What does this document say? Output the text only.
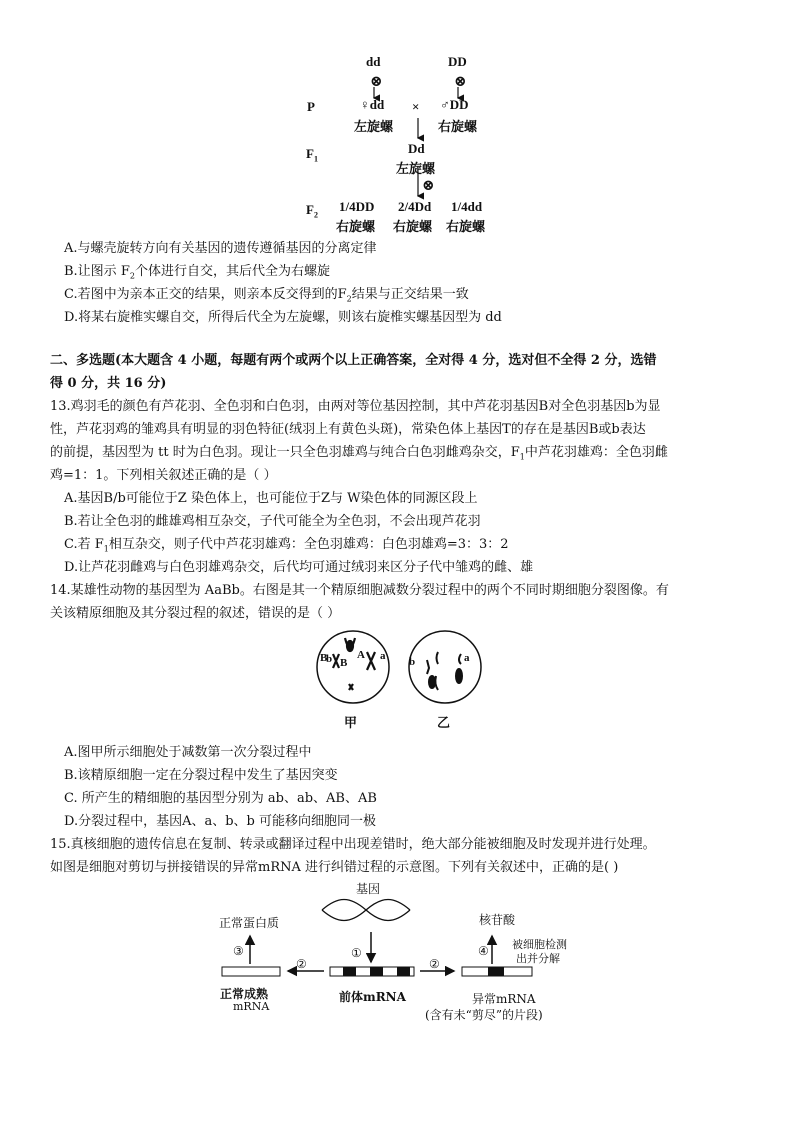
dd	DD
⊗	⊗
P	♀dd × ♂DD
左旋螺	右旋螺
$F_1$
Dd
左旋螺
⊗
$F_2$
1/4DD 2/4Dd 1/4dd
右旋螺 右旋螺 右旋螺
A.与螺壳旋转方向有关基因的遗传遵循基因的分离定律
B.让图示 $F_2$个体进行自交，其后代全为右螺旋
C.若图中为亲本正交的结果，则亲本反交得到的$F_2$结果与正交结果一致
D.将某右旋椎实螺自交，所得后代全为左旋螺，则该右旋椎实螺基因型为 dd
二、多选题(本大题含 4 小题，每题有两个或两个以上正确答案，全对得 4 分，选对但不全得 2 分，选错
得 0 分，共 16 分)
13.鸡羽毛的颜色有芦花羽、全色羽和白色羽，由两对等位基因控制，其中芦花羽基因B对全色羽基因b为显
性，芦花羽鸡的雏鸡具有明显的羽色特征(绒羽上有黄色头斑)，常染色体上基因T的存在是基因B或b表达
的前提，基因型为 tt 时为白色羽。现让一只全色羽雄鸡与纯合白色羽雌鸡杂交，$F_1$中芦花羽雄鸡：全色羽雌
鸡=1：1。下列相关叙述正确的是（ ）
A.基因B/b可能位于Z 染色体上，也可能位于Z与 W染色体的同源区段上
B.若让全色羽的雌雄鸡相互杂交，子代可能全为全色羽，不会出现芦花羽
C.若 $F_1$相互杂交，则子代中芦花羽雄鸡：全色羽雄鸡：白色羽雄鸡=3：3：2
D.让芦花羽雌鸡与白色羽雄鸡杂交，后代均可通过绒羽来区分子代中雏鸡的雌、雄
14.某雄性动物的基因型为 AaBb。右图是其一个精原细胞减数分裂过程中的两个不同时期细胞分裂图像。有
关该精原细胞及其分裂过程的叙述，错误的是（ ）
B
b B
A a b	a
甲	乙
A.图甲所示细胞处于减数第一次分裂过程中
B.该精原细胞一定在分裂过程中发生了基因突变
C. 所产生的精细胞的基因型分别为 ab、ab、AB、AB
D.分裂过程中，基因A、a、b、b 可能移向细胞同一极
15.真核细胞的遗传信息在复制、转录或翻译过程中出现差错时，绝大部分能被细胞及时发现并进行处理。
如图是细胞对剪切与拼接错误的异常mRNA 进行纠错过程的示意图。下列有关叙述中，正确的是( )
基因
正常蛋白质	核苷酸
被细胞检测
出并分解
③	④
①
②	②
正常成熟
mRNA
前体mRNA	异常mRNA
(含有未“剪尽”的片段)
